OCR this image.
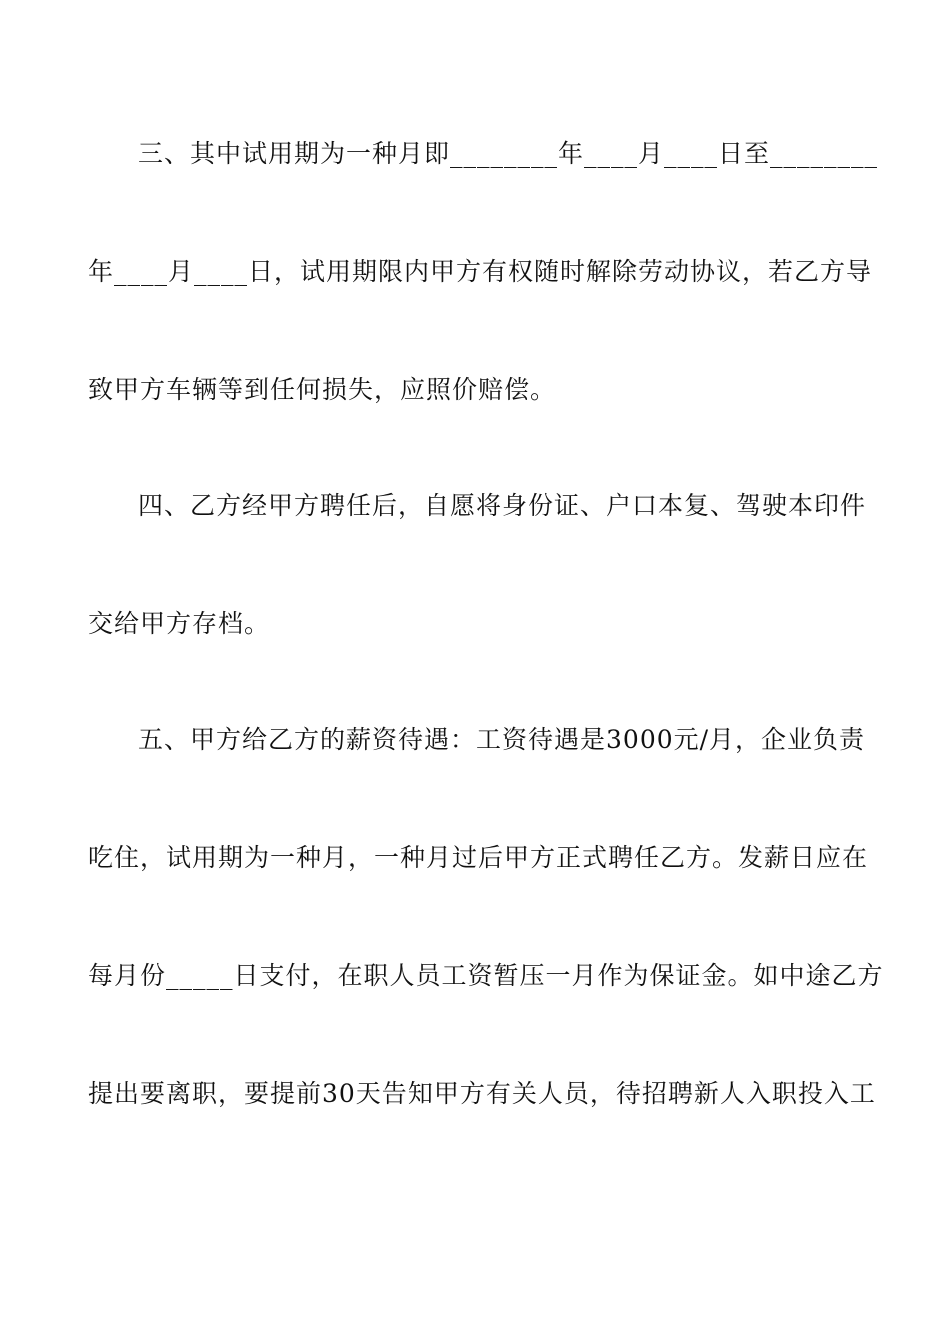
三、其中试用期为一种月即________年____月____日至________
年____月____日，试用期限内甲方有权随时解除劳动协议，若乙方导
致甲方车辆等到任何损失，应照价赔偿。
四、乙方经甲方聘任后，自愿将身份证、户口本复、驾驶本印件
交给甲方存档。
五、甲方给乙方的薪资待遇：工资待遇是3000元/月，企业负责
吃住，试用期为一种月，一种月过后甲方正式聘任乙方。发薪日应在
每月份_____日支付，在职人员工资暂压一月作为保证金。如中途乙方
提出要离职，要提前30天告知甲方有关人员，待招聘新人入职投入工
